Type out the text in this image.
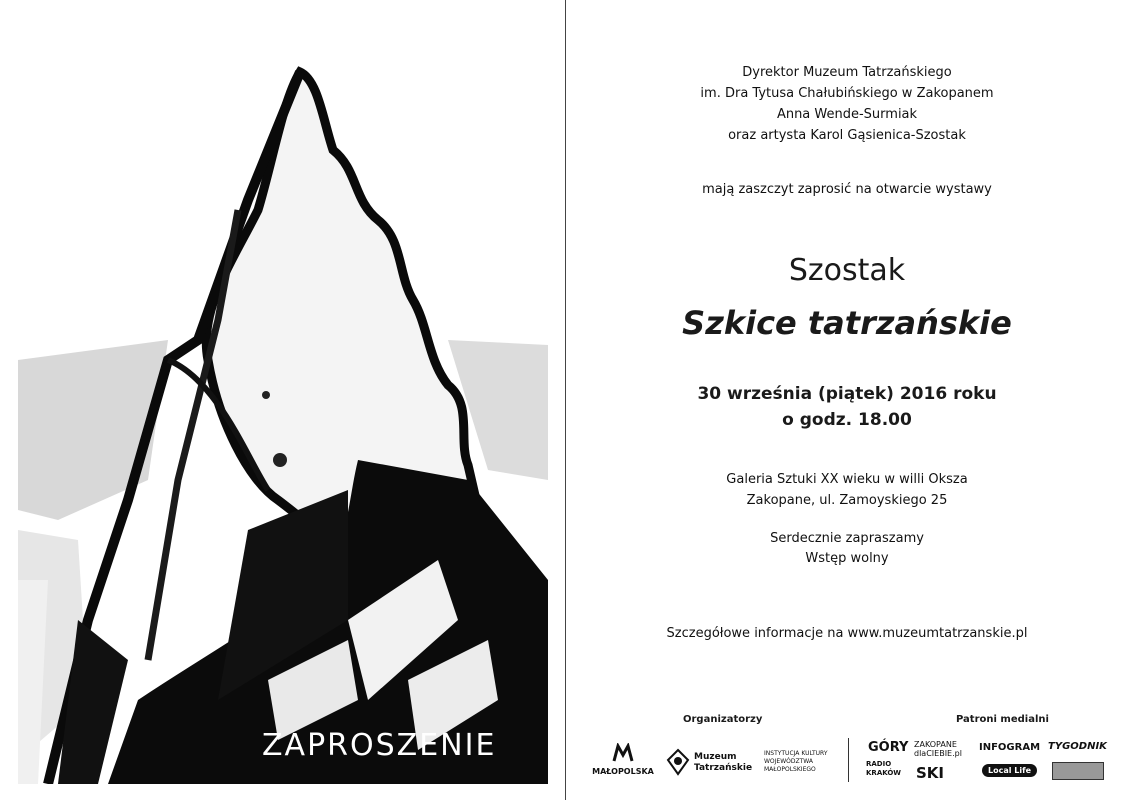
ZAPROSZENIE

Dyrektor Muzeum Tatrzańskiego

im. Dra Tytusa Chałubińskiego w Zakopanem

Anna Wende-Surmiak

oraz artysta Karol Gąsienica-Szostak

mają zaszczyt zaprosić na otwarcie wystawy

Szostak

Szkice tatrzańskie

30 września (piątek) 2016 roku

o godz. 18.00

Galeria Sztuki XX wieku w willi Oksza

Zakopane, ul. Zamoyskiego 25

Serdecznie zapraszamy

Wstęp wolny

Szczegółowe informacje na www.muzeumtatrzanskie.pl

Organizatorzy	Patroni medialni
MAŁOPOLSKA
Muzeum
Tatrzańskie
INSTYTUCJA KULTURY
WOJEWÓDZTWA
MAŁOPOLSKIEGO
GÓRY
RADIO
KRAKÓW
ZAKOPANE
dlaCIEBIE.pl
SKI
INFOGRAM
Local Life
TYGODNIK
